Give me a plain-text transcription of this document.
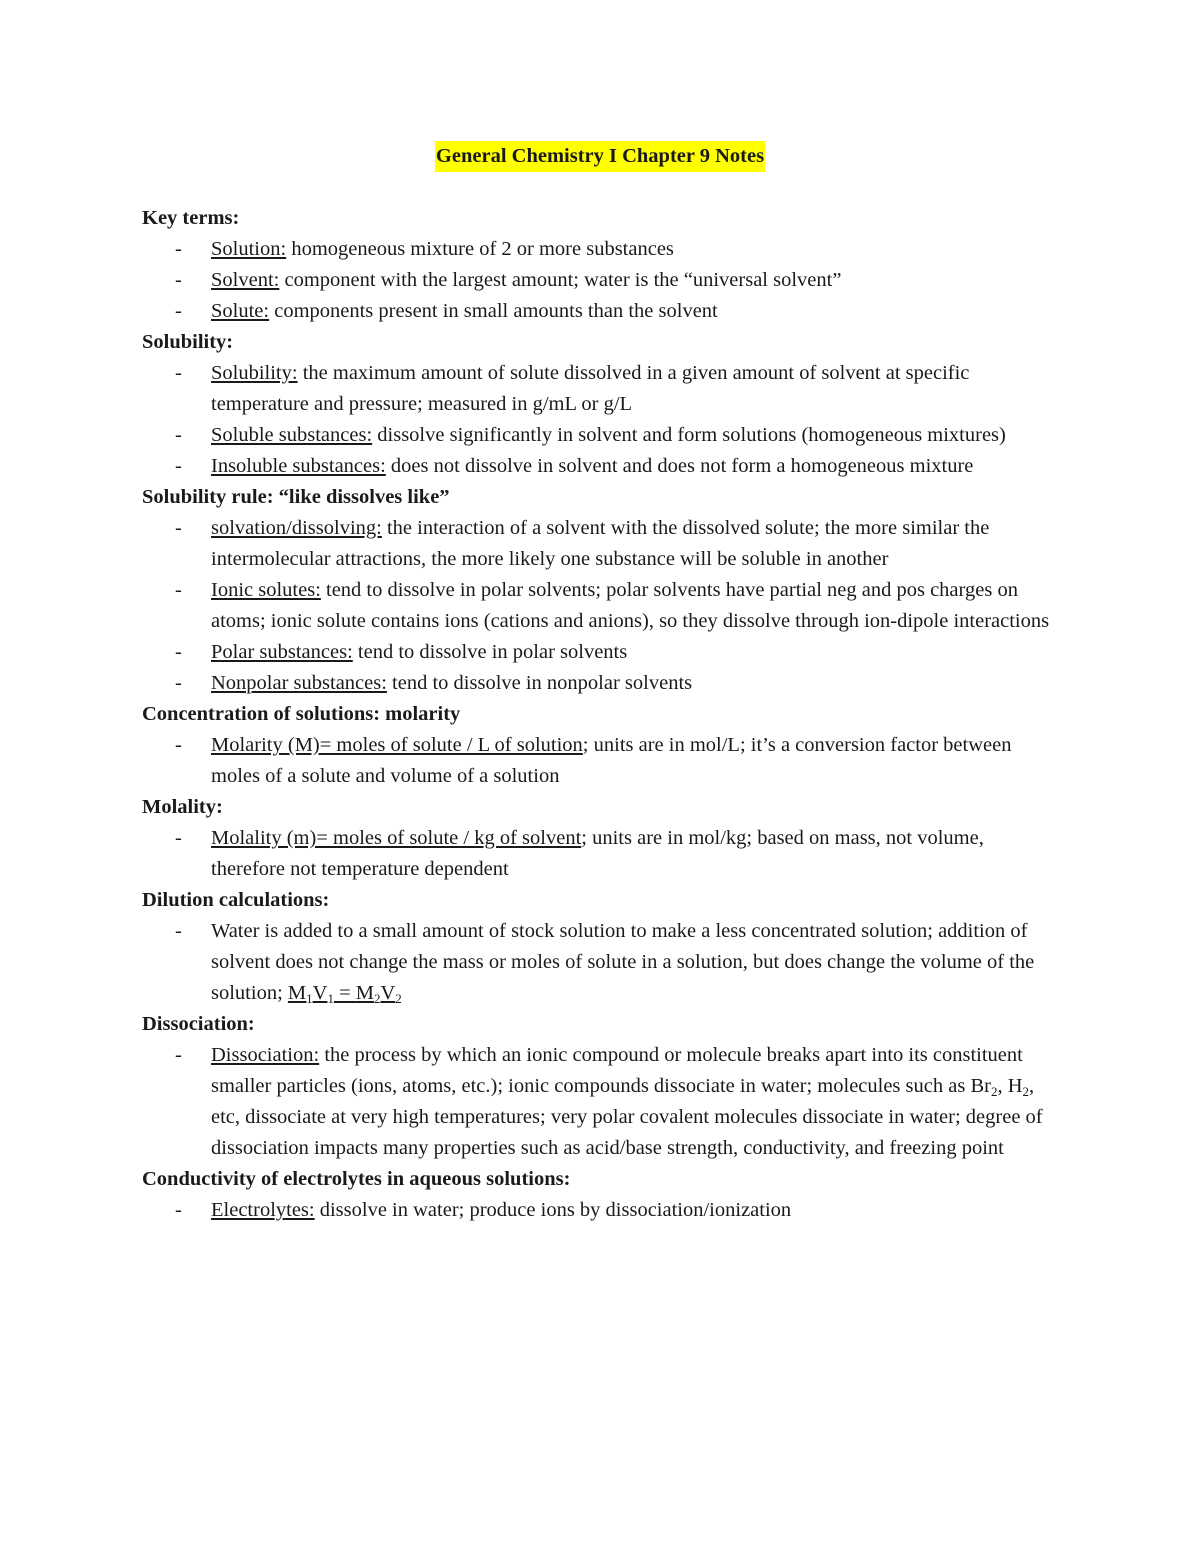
General Chemistry I Chapter 9 Notes
Key terms:
- Solution: homogeneous mixture of 2 or more substances
- Solvent: component with the largest amount; water is the “universal solvent”
- Solute: components present in small amounts than the solvent
Solubility:
- Solubility: the maximum amount of solute dissolved in a given amount of solvent at specific temperature and pressure; measured in g/mL or g/L
- Soluble substances: dissolve significantly in solvent and form solutions (homogeneous mixtures)
- Insoluble substances: does not dissolve in solvent and does not form a homogeneous mixture
Solubility rule: “like dissolves like”
- solvation/dissolving: the interaction of a solvent with the dissolved solute; the more similar the intermolecular attractions, the more likely one substance will be soluble in another
- Ionic solutes: tend to dissolve in polar solvents; polar solvents have partial neg and pos charges on atoms; ionic solute contains ions (cations and anions), so they dissolve through ion-dipole interactions
- Polar substances: tend to dissolve in polar solvents
- Nonpolar substances: tend to dissolve in nonpolar solvents
Concentration of solutions: molarity
- Molarity (M)= moles of solute / L of solution; units are in mol/L; it’s a conversion factor between moles of a solute and volume of a solution
Molality:
- Molality (m)= moles of solute / kg of solvent; units are in mol/kg; based on mass, not volume, therefore not temperature dependent
Dilution calculations:
- Water is added to a small amount of stock solution to make a less concentrated solution; addition of solvent does not change the mass or moles of solute in a solution, but does change the volume of the solution; $M_1V_1 = M_2V_2$
Dissociation:
- Dissociation: the process by which an ionic compound or molecule breaks apart into its constituent smaller particles (ions, atoms, etc.); ionic compounds dissociate in water; molecules such as $Br_2$, $H_2$, etc, dissociate at very high temperatures; very polar covalent molecules dissociate in water; degree of dissociation impacts many properties such as acid/base strength, conductivity, and freezing point
Conductivity of electrolytes in aqueous solutions:
- Electrolytes: dissolve in water; produce ions by dissociation/ionization
